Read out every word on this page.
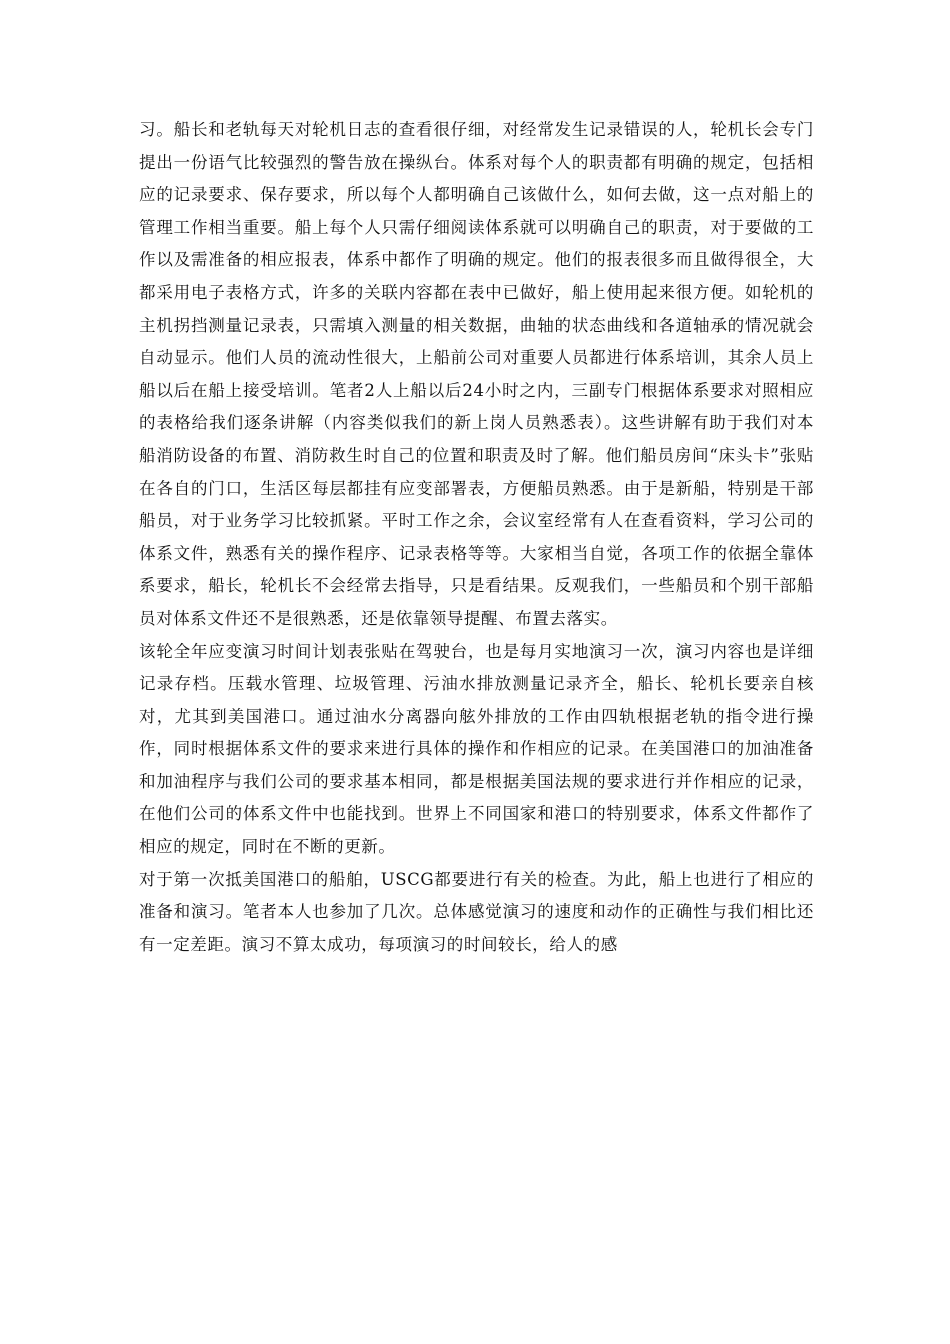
习。船长和老轨每天对轮机日志的查看很仔细，对经常发生记录错误的人，轮机长会专门提出一份语气比较强烈的警告放在操纵台。体系对每个人的职责都有明确的规定，包括相应的记录要求、保存要求，所以每个人都明确自己该做什么，如何去做，这一点对船上的管理工作相当重要。船上每个人只需仔细阅读体系就可以明确自己的职责，对于要做的工作以及需准备的相应报表，体系中都作了明确的规定。他们的报表很多而且做得很全，大都采用电子表格方式，许多的关联内容都在表中已做好，船上使用起来很方便。如轮机的主机拐挡测量记录表，只需填入测量的相关数据，曲轴的状态曲线和各道轴承的情况就会自动显示。他们人员的流动性很大，上船前公司对重要人员都进行体系培训，其余人员上船以后在船上接受培训。笔者2人上船以后24小时之内，三副专门根据体系要求对照相应的表格给我们逐条讲解（内容类似我们的新上岗人员熟悉表）。这些讲解有助于我们对本船消防设备的布置、消防救生时自己的位置和职责及时了解。他们船员房间“床头卡”张贴在各自的门口，生活区每层都挂有应变部署表，方便船员熟悉。由于是新船，特别是干部船员，对于业务学习比较抓紧。平时工作之余，会议室经常有人在查看资料，学习公司的体系文件，熟悉有关的操作程序、记录表格等等。大家相当自觉，各项工作的依据全靠体系要求，船长，轮机长不会经常去指导，只是看结果。反观我们，一些船员和个别干部船员对体系文件还不是很熟悉，还是依靠领导提醒、布置去落实。

该轮全年应变演习时间计划表张贴在驾驶台，也是每月实地演习一次，演习内容也是详细记录存档。压载水管理、垃圾管理、污油水排放测量记录齐全，船长、轮机长要亲自核对，尤其到美国港口。通过油水分离器向舷外排放的工作由四轨根据老轨的指令进行操作，同时根据体系文件的要求来进行具体的操作和作相应的记录。在美国港口的加油准备和加油程序与我们公司的要求基本相同，都是根据美国法规的要求进行并作相应的记录，在他们公司的体系文件中也能找到。世界上不同国家和港口的特别要求，体系文件都作了相应的规定，同时在不断的更新。

对于第一次抵美国港口的船舶，USCG都要进行有关的检查。为此，船上也进行了相应的准备和演习。笔者本人也参加了几次。总体感觉演习的速度和动作的正确性与我们相比还有一定差距。演习不算太成功，每项演习的时间较长，给人的感
